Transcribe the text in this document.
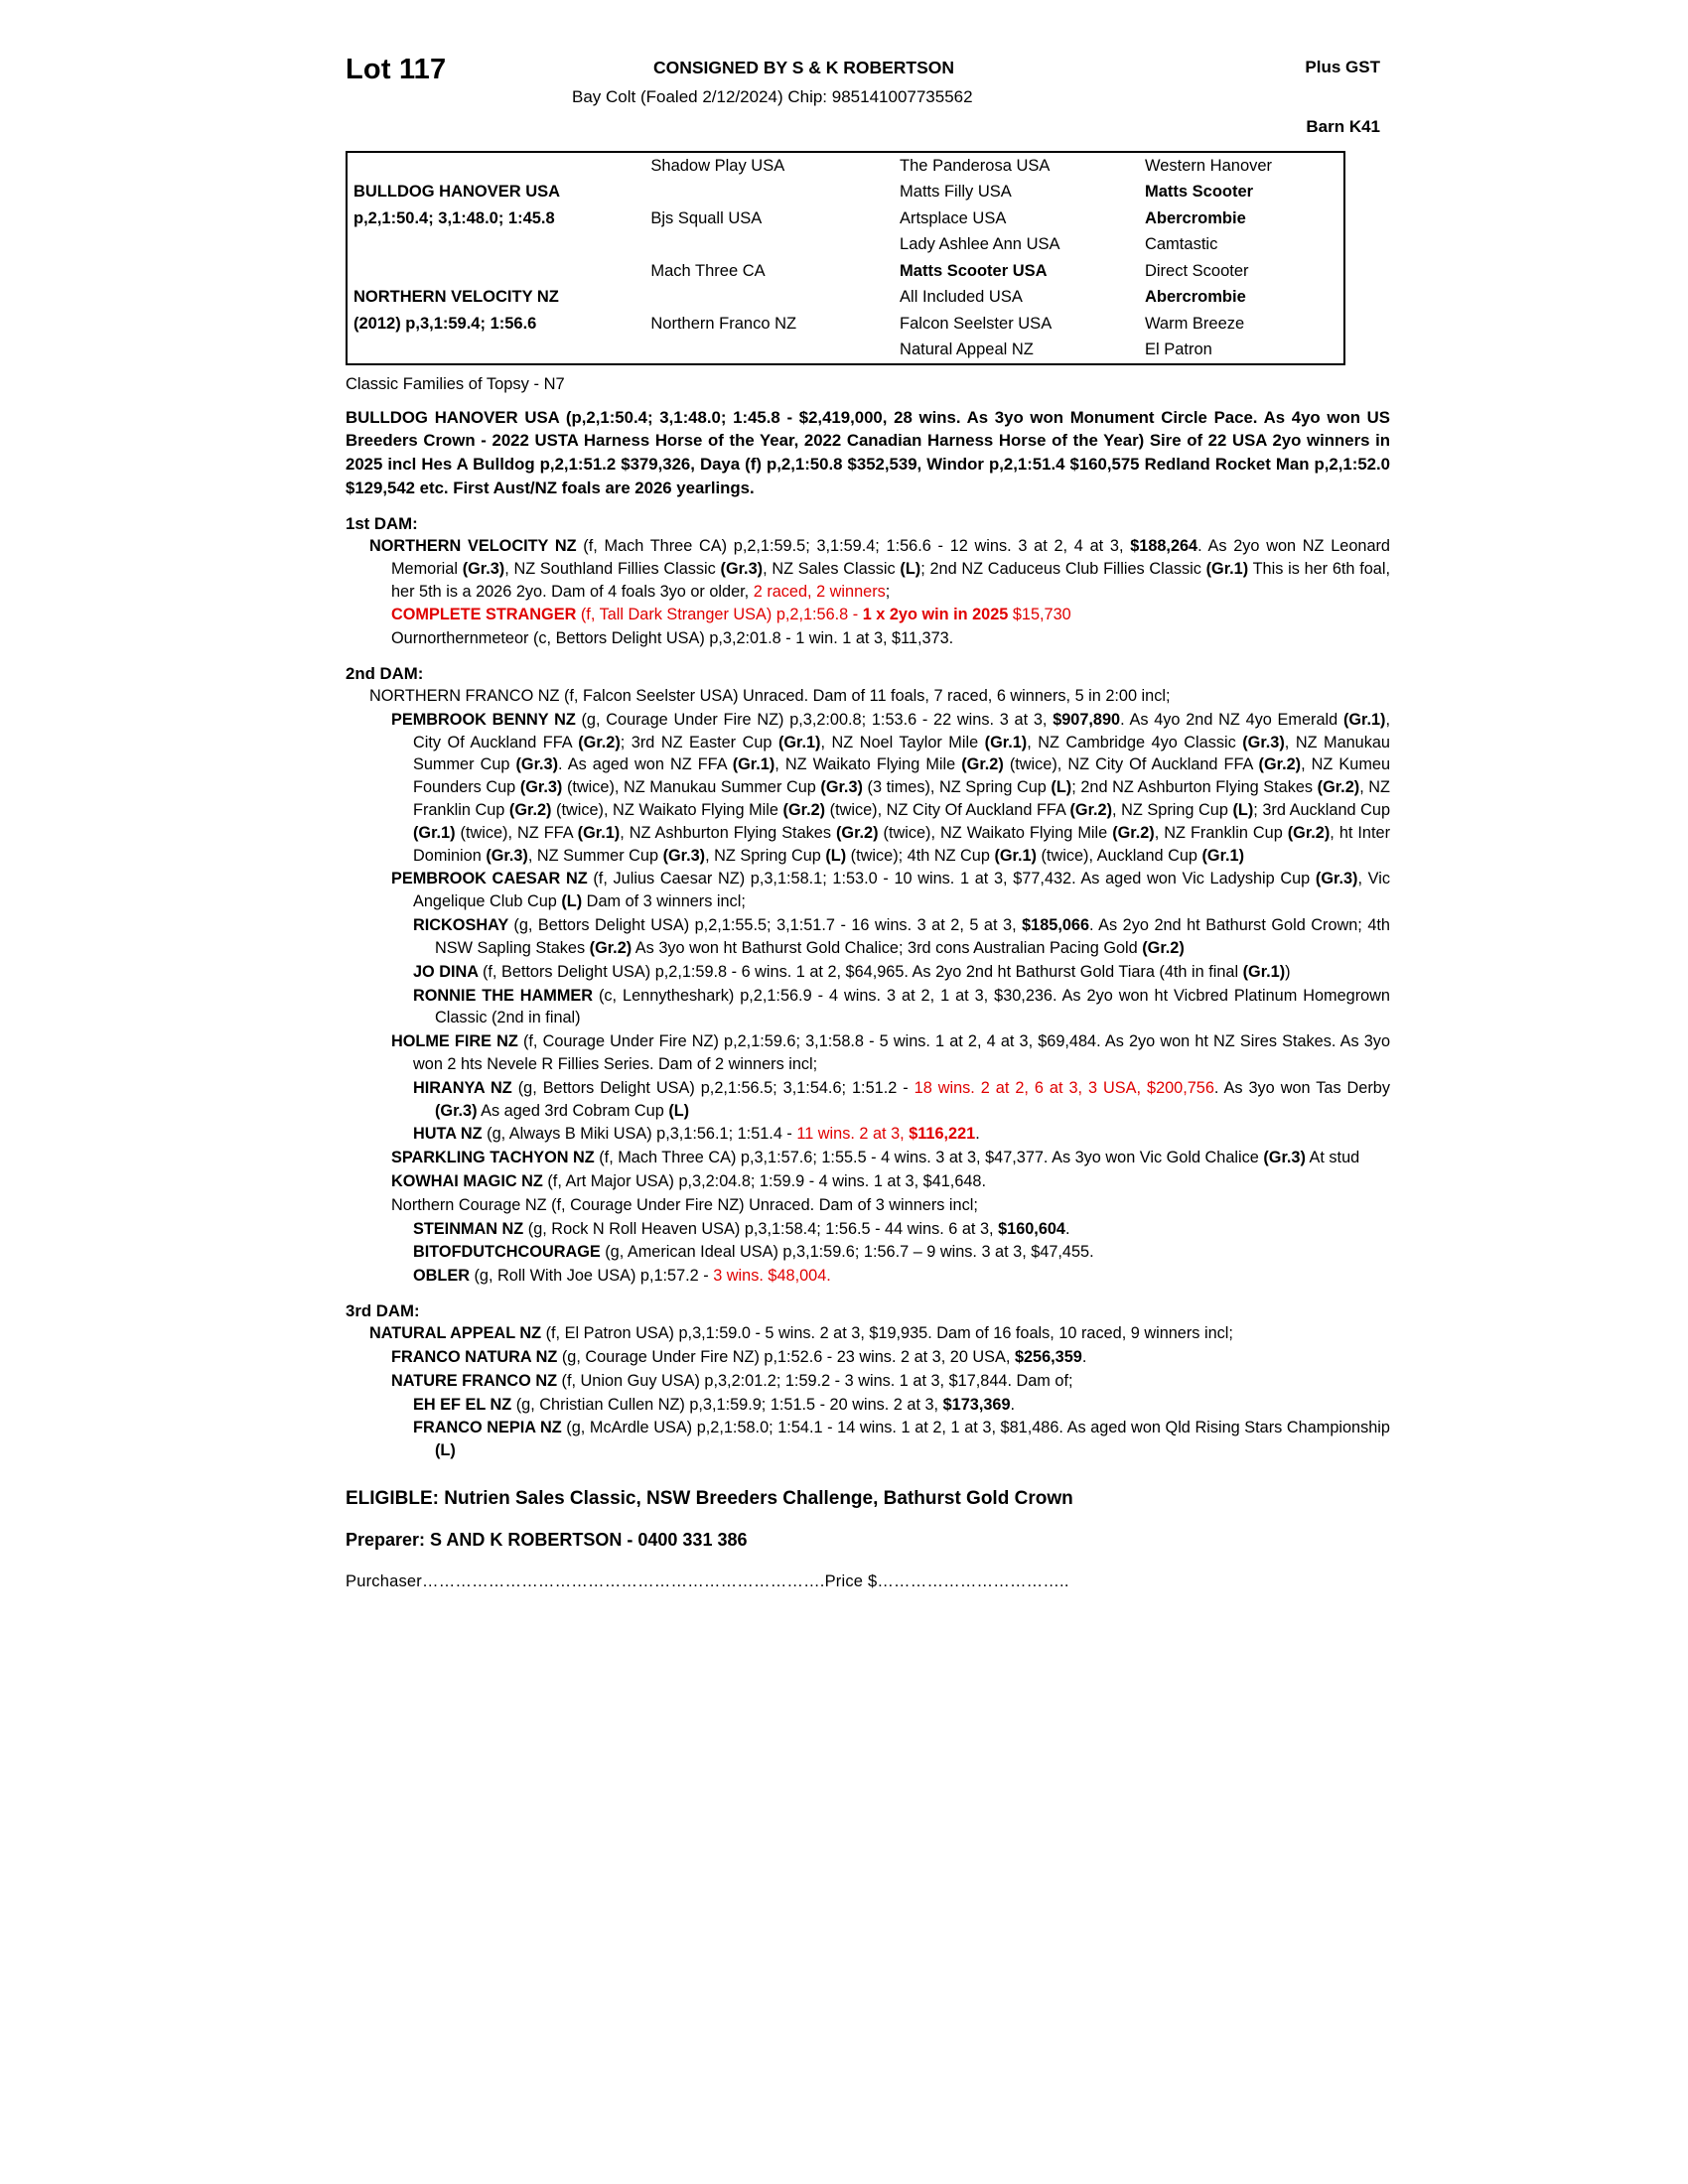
Lot 117	CONSIGNED BY S & K ROBERTSON
Bay Colt (Foaled 2/12/2024) Chip: 985141007735562
Plus GST
Barn K41
	Shadow Play USA	The Panderosa USA	Western Hanover
BULLDOG HANOVER USA		Matts Filly USA	Matts Scooter
p,2,1:50.4; 3,1:48.0; 1:45.8	Bjs Squall USA	Artsplace USA	Abercrombie
		Lady Ashlee Ann USA	Camtastic
	Mach Three CA	Matts Scooter USA	Direct Scooter
NORTHERN VELOCITY NZ		All Included USA	Abercrombie
(2012) p,3,1:59.4; 1:56.6	Northern Franco NZ	Falcon Seelster USA	Warm Breeze
		Natural Appeal NZ	El Patron
Classic Families of Topsy - N7
BULLDOG HANOVER USA (p,2,1:50.4; 3,1:48.0; 1:45.8 - $2,419,000, 28 wins. As 3yo won Monument Circle Pace. As 4yo won US Breeders Crown - 2022 USTA Harness Horse of the Year, 2022 Canadian Harness Horse of the Year) Sire of 22 USA 2yo winners in 2025 incl Hes A Bulldog p,2,1:51.2 $379,326, Daya (f) p,2,1:50.8 $352,539, Windor p,2,1:51.4 $160,575 Redland Rocket Man p,2,1:52.0 $129,542 etc. First Aust/NZ foals are 2026 yearlings.
1st DAM:
NORTHERN VELOCITY NZ (f, Mach Three CA) p,2,1:59.5; 3,1:59.4; 1:56.6 - 12 wins. 3 at 2, 4 at 3, $188,264. As 2yo won NZ Leonard Memorial (Gr.3), NZ Southland Fillies Classic (Gr.3), NZ Sales Classic (L); 2nd NZ Caduceus Club Fillies Classic (Gr.1) This is her 6th foal, her 5th is a 2026 2yo. Dam of 4 foals 3yo or older, 2 raced, 2 winners;
COMPLETE STRANGER (f, Tall Dark Stranger USA) p,2,1:56.8 - 1 x 2yo win in 2025 $15,730
Ournorthernmeteor (c, Bettors Delight USA) p,3,2:01.8 - 1 win. 1 at 3, $11,373.
2nd DAM:
NORTHERN FRANCO NZ (f, Falcon Seelster USA) Unraced. Dam of 11 foals, 7 raced, 6 winners, 5 in 2:00 incl;
PEMBROOK BENNY NZ (g, Courage Under Fire NZ) p,3,2:00.8; 1:53.6 - 22 wins. 3 at 3, $907,890. As 4yo 2nd NZ 4yo Emerald (Gr.1), City Of Auckland FFA (Gr.2); 3rd NZ Easter Cup (Gr.1), NZ Noel Taylor Mile (Gr.1), NZ Cambridge 4yo Classic (Gr.3), NZ Manukau Summer Cup (Gr.3). As aged won NZ FFA (Gr.1), NZ Waikato Flying Mile (Gr.2) (twice), NZ City Of Auckland FFA (Gr.2), NZ Kumeu Founders Cup (Gr.3) (twice), NZ Manukau Summer Cup (Gr.3) (3 times), NZ Spring Cup (L); 2nd NZ Ashburton Flying Stakes (Gr.2), NZ Franklin Cup (Gr.2) (twice), NZ Waikato Flying Mile (Gr.2) (twice), NZ City Of Auckland FFA (Gr.2), NZ Spring Cup (L); 3rd Auckland Cup (Gr.1) (twice), NZ FFA (Gr.1), NZ Ashburton Flying Stakes (Gr.2) (twice), NZ Waikato Flying Mile (Gr.2), NZ Franklin Cup (Gr.2), ht Inter Dominion (Gr.3), NZ Summer Cup (Gr.3), NZ Spring Cup (L) (twice); 4th NZ Cup (Gr.1) (twice), Auckland Cup (Gr.1)
PEMBROOK CAESAR NZ (f, Julius Caesar NZ) p,3,1:58.1; 1:53.0 - 10 wins. 1 at 3, $77,432. As aged won Vic Ladyship Cup (Gr.3), Vic Angelique Club Cup (L) Dam of 3 winners incl;
RICKOSHAY (g, Bettors Delight USA) p,2,1:55.5; 3,1:51.7 - 16 wins. 3 at 2, 5 at 3, $185,066. As 2yo 2nd ht Bathurst Gold Crown; 4th NSW Sapling Stakes (Gr.2) As 3yo won ht Bathurst Gold Chalice; 3rd cons Australian Pacing Gold (Gr.2)
JO DINA (f, Bettors Delight USA) p,2,1:59.8 - 6 wins. 1 at 2, $64,965. As 2yo 2nd ht Bathurst Gold Tiara (4th in final (Gr.1))
RONNIE THE HAMMER (c, Lennytheshark) p,2,1:56.9 - 4 wins. 3 at 2, 1 at 3, $30,236. As 2yo won ht Vicbred Platinum Homegrown Classic (2nd in final)
HOLME FIRE NZ (f, Courage Under Fire NZ) p,2,1:59.6; 3,1:58.8 - 5 wins. 1 at 2, 4 at 3, $69,484. As 2yo won ht NZ Sires Stakes. As 3yo won 2 hts Nevele R Fillies Series. Dam of 2 winners incl;
HIRANYA NZ (g, Bettors Delight USA) p,2,1:56.5; 3,1:54.6; 1:51.2 - 18 wins. 2 at 2, 6 at 3, 3 USA, $200,756. As 3yo won Tas Derby (Gr.3) As aged 3rd Cobram Cup (L)
HUTA NZ (g, Always B Miki USA) p,3,1:56.1; 1:51.4 - 11 wins. 2 at 3, $116,221.
SPARKLING TACHYON NZ (f, Mach Three CA) p,3,1:57.6; 1:55.5 - 4 wins. 3 at 3, $47,377. As 3yo won Vic Gold Chalice (Gr.3) At stud
KOWHAI MAGIC NZ (f, Art Major USA) p,3,2:04.8; 1:59.9 - 4 wins. 1 at 3, $41,648.
Northern Courage NZ (f, Courage Under Fire NZ) Unraced. Dam of 3 winners incl;
STEINMAN NZ (g, Rock N Roll Heaven USA) p,3,1:58.4; 1:56.5 - 44 wins. 6 at 3, $160,604.
BITOFDUTCHCOURAGE (g, American Ideal USA) p,3,1:59.6; 1:56.7 – 9 wins. 3 at 3, $47,455.
OBLER (g, Roll With Joe USA) p,1:57.2 - 3 wins. $48,004.
3rd DAM:
NATURAL APPEAL NZ (f, El Patron USA) p,3,1:59.0 - 5 wins. 2 at 3, $19,935. Dam of 16 foals, 10 raced, 9 winners incl;
FRANCO NATURA NZ (g, Courage Under Fire NZ) p,1:52.6 - 23 wins. 2 at 3, 20 USA, $256,359.
NATURE FRANCO NZ (f, Union Guy USA) p,3,2:01.2; 1:59.2 - 3 wins. 1 at 3, $17,844. Dam of;
EH EF EL NZ (g, Christian Cullen NZ) p,3,1:59.9; 1:51.5 - 20 wins. 2 at 3, $173,369.
FRANCO NEPIA NZ (g, McArdle USA) p,2,1:58.0; 1:54.1 - 14 wins. 1 at 2, 1 at 3, $81,486. As aged won Qld Rising Stars Championship (L)
ELIGIBLE: Nutrien Sales Classic, NSW Breeders Challenge, Bathurst Gold Crown
Preparer: S AND K ROBERTSON - 0400 331 386
Purchaser……………………………………………………………….Price $……………………………..
